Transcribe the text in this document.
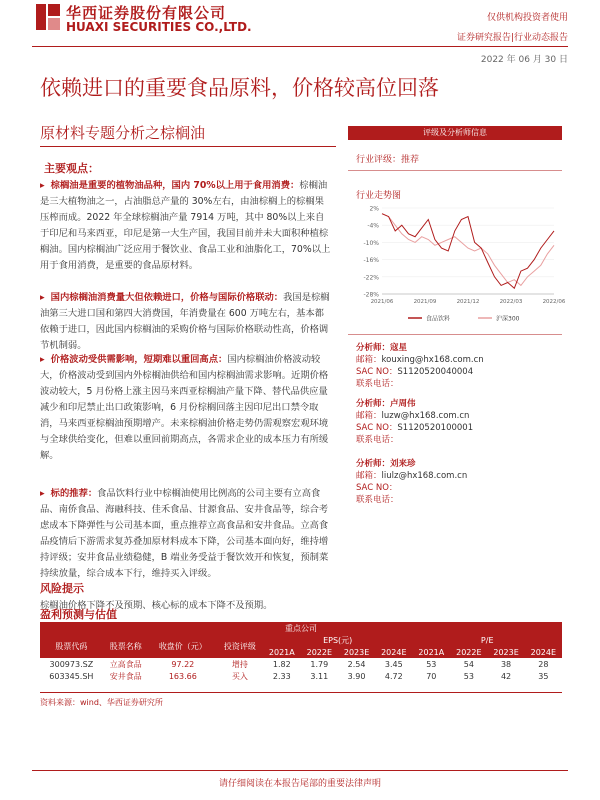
华西证券股份有限公司
HUAXI SECURITIES CO.,LTD.
仅供机构投资者使用
证券研究报告|行业动态报告
2022 年 06 月 30 日
依赖进口的重要食品原料，价格较高位回落
原材料专题分析之棕榈油
主要观点：
▸ 棕榈油是重要的植物油品种，国内 70%以上用于食用消费：棕榈油是三大植物油之一，占油脂总产量的 30%左右，由油棕榈上的棕榈果压榨而成。2022 年全球棕榈油产量 7914 万吨，其中 80%以上来自于印尼和马来西亚，印尼是第一大生产国，我国目前并未大面积种植棕榈油。国内棕榈油广泛应用于餐饮业、食品工业和油脂化工，70%以上用于食用消费，是重要的食品原材料。
▸ 国内棕榈油消费量大但依赖进口，价格与国际价格联动：我国是棕榈油第三大进口国和第四大消费国，年消费量在 600 万吨左右，基本都依赖于进口，因此国内棕榈油的采购价格与国际价格联动性高，价格调节机制弱。
▸ 价格波动受供需影响，短期难以重回高点：国内棕榈油价格波动较大，价格波动受到国内外棕榈油供给和国内棕榈油需求影响。近期价格波动较大，5 月份格上涨主因马来西亚棕榈油产量下降、替代品供应量减少和印尼禁止出口政策影响，6 月份棕榈回落主因印尼出口禁令取消，马来西亚棕榈油预期增产。未来棕榈油价格走势仍需观察宏观环境与全球供给变化，但难以重回前期高点，各需求企业的成本压力有所缓解。
▸ 标的推荐：食品饮料行业中棕榈油使用比例高的公司主要有立高食品、南侨食品、海融科技、佳禾食品、甘源食品、安井食品等，综合考虑成本下降弹性与公司基本面，重点推荐立高食品和安井食品。立高食品疫情后下游需求复苏叠加原材料成本下降，公司基本面向好，维持增持评级；安井食品业绩稳健，B 端业务受益于餐饮效开和恢复，预制菜持续放量，综合成本下行，维持买入评级。
风险提示
棕榈油价格下降不及预期、核心标的成本下降不及预期。
评级及分析师信息
行业评级：推荐
行业走势图
2%
-4%
-10%
-16%
-22%
-28%
2021/06	2021/09	2021/12	2022/03	2022/06
食品饮料	沪深300
分析师：寇星
邮箱：kouxing@hx168.com.cn
SAC NO：S1120520040004
联系电话：
分析师：卢周伟
邮箱：luzw@hx168.com.cn
SAC NO：S1120520100001
联系电话：
分析师：刘来珍
邮箱：liulz@hx168.com.cn
SAC NO：
联系电话：
盈利预测与估值
重点公司											
股票代码	股票名称	收盘价（元）	投资评级	EPS(元)				P/E			
				2021A	2022E	2023E	2024E	2021A	2022E	2023E	2024E
300973.SZ	立高食品	97.22	增持	1.82	1.79	2.54	3.45	53	54	38	28
603345.SH	安井食品	163.66	买入	2.33	3.11	3.90	4.72	70	53	42	35
资料来源：wind、华西证券研究所
请仔细阅读在本报告尾部的重要法律声明
